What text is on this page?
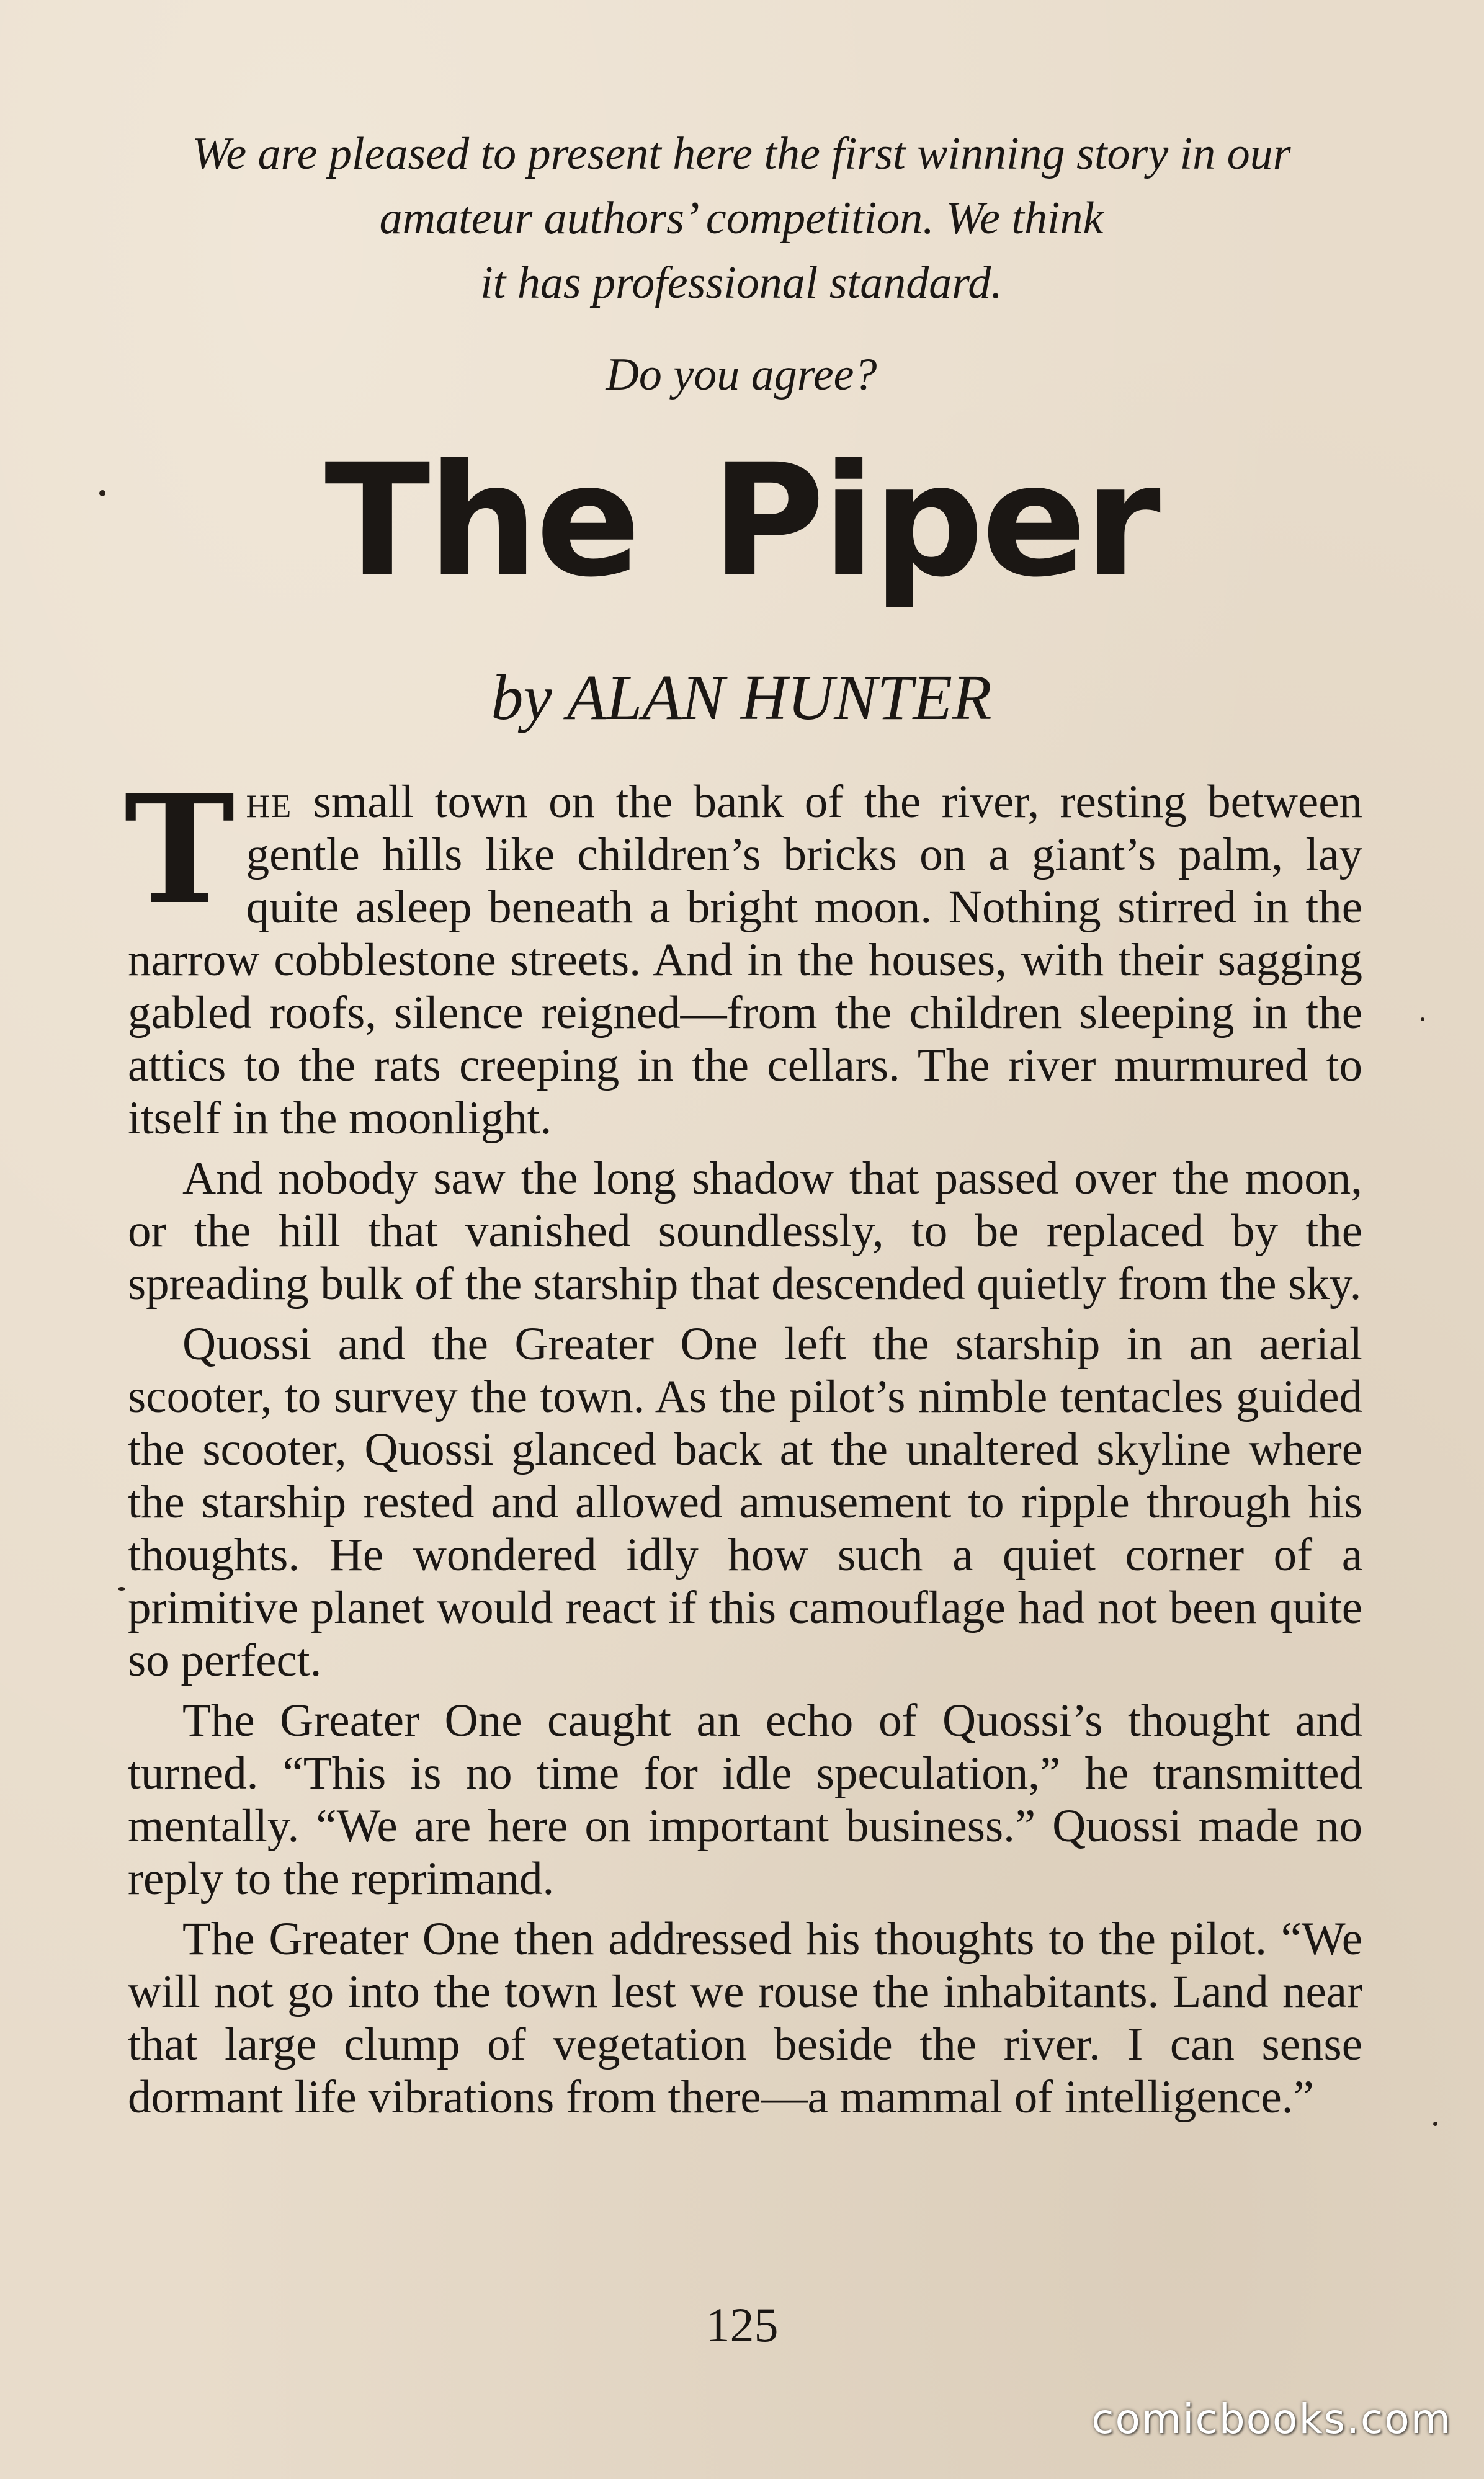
We are pleased to present here the first winning story in our
amateur authors’ competition. We think
it has professional standard.
Do you agree?
The Piper
by ALAN HUNTER

The small town on the bank of the river, resting between gentle hills like children’s bricks on a giant’s palm, lay quite asleep beneath a bright moon. Nothing stirred in the narrow cobblestone streets. And in the houses, with their sagging gabled roofs, silence reigned—from the children sleeping in the attics to the rats creeping in the cellars. The river murmured to itself in the moonlight.

And nobody saw the long shadow that passed over the moon, or the hill that vanished soundlessly, to be replaced by the spreading bulk of the starship that descended quietly from the sky.

Quossi and the Greater One left the starship in an aerial scooter, to survey the town. As the pilot’s nimble tentacles guided the scooter, Quossi glanced back at the unaltered skyline where the starship rested and allowed amusement to ripple through his thoughts. He wondered idly how such a quiet corner of a primitive planet would react if this camouflage had not been quite so perfect.

The Greater One caught an echo of Quossi’s thought and turned. “This is no time for idle speculation,” he transmitted mentally. “We are here on important business.” Quossi made no reply to the reprimand.

The Greater One then addressed his thoughts to the pilot. “We will not go into the town lest we rouse the inhabitants. Land near that large clump of vegetation beside the river. I can sense dormant life vibrations from there—a mammal of intelligence.”

125
comicbooks.com
